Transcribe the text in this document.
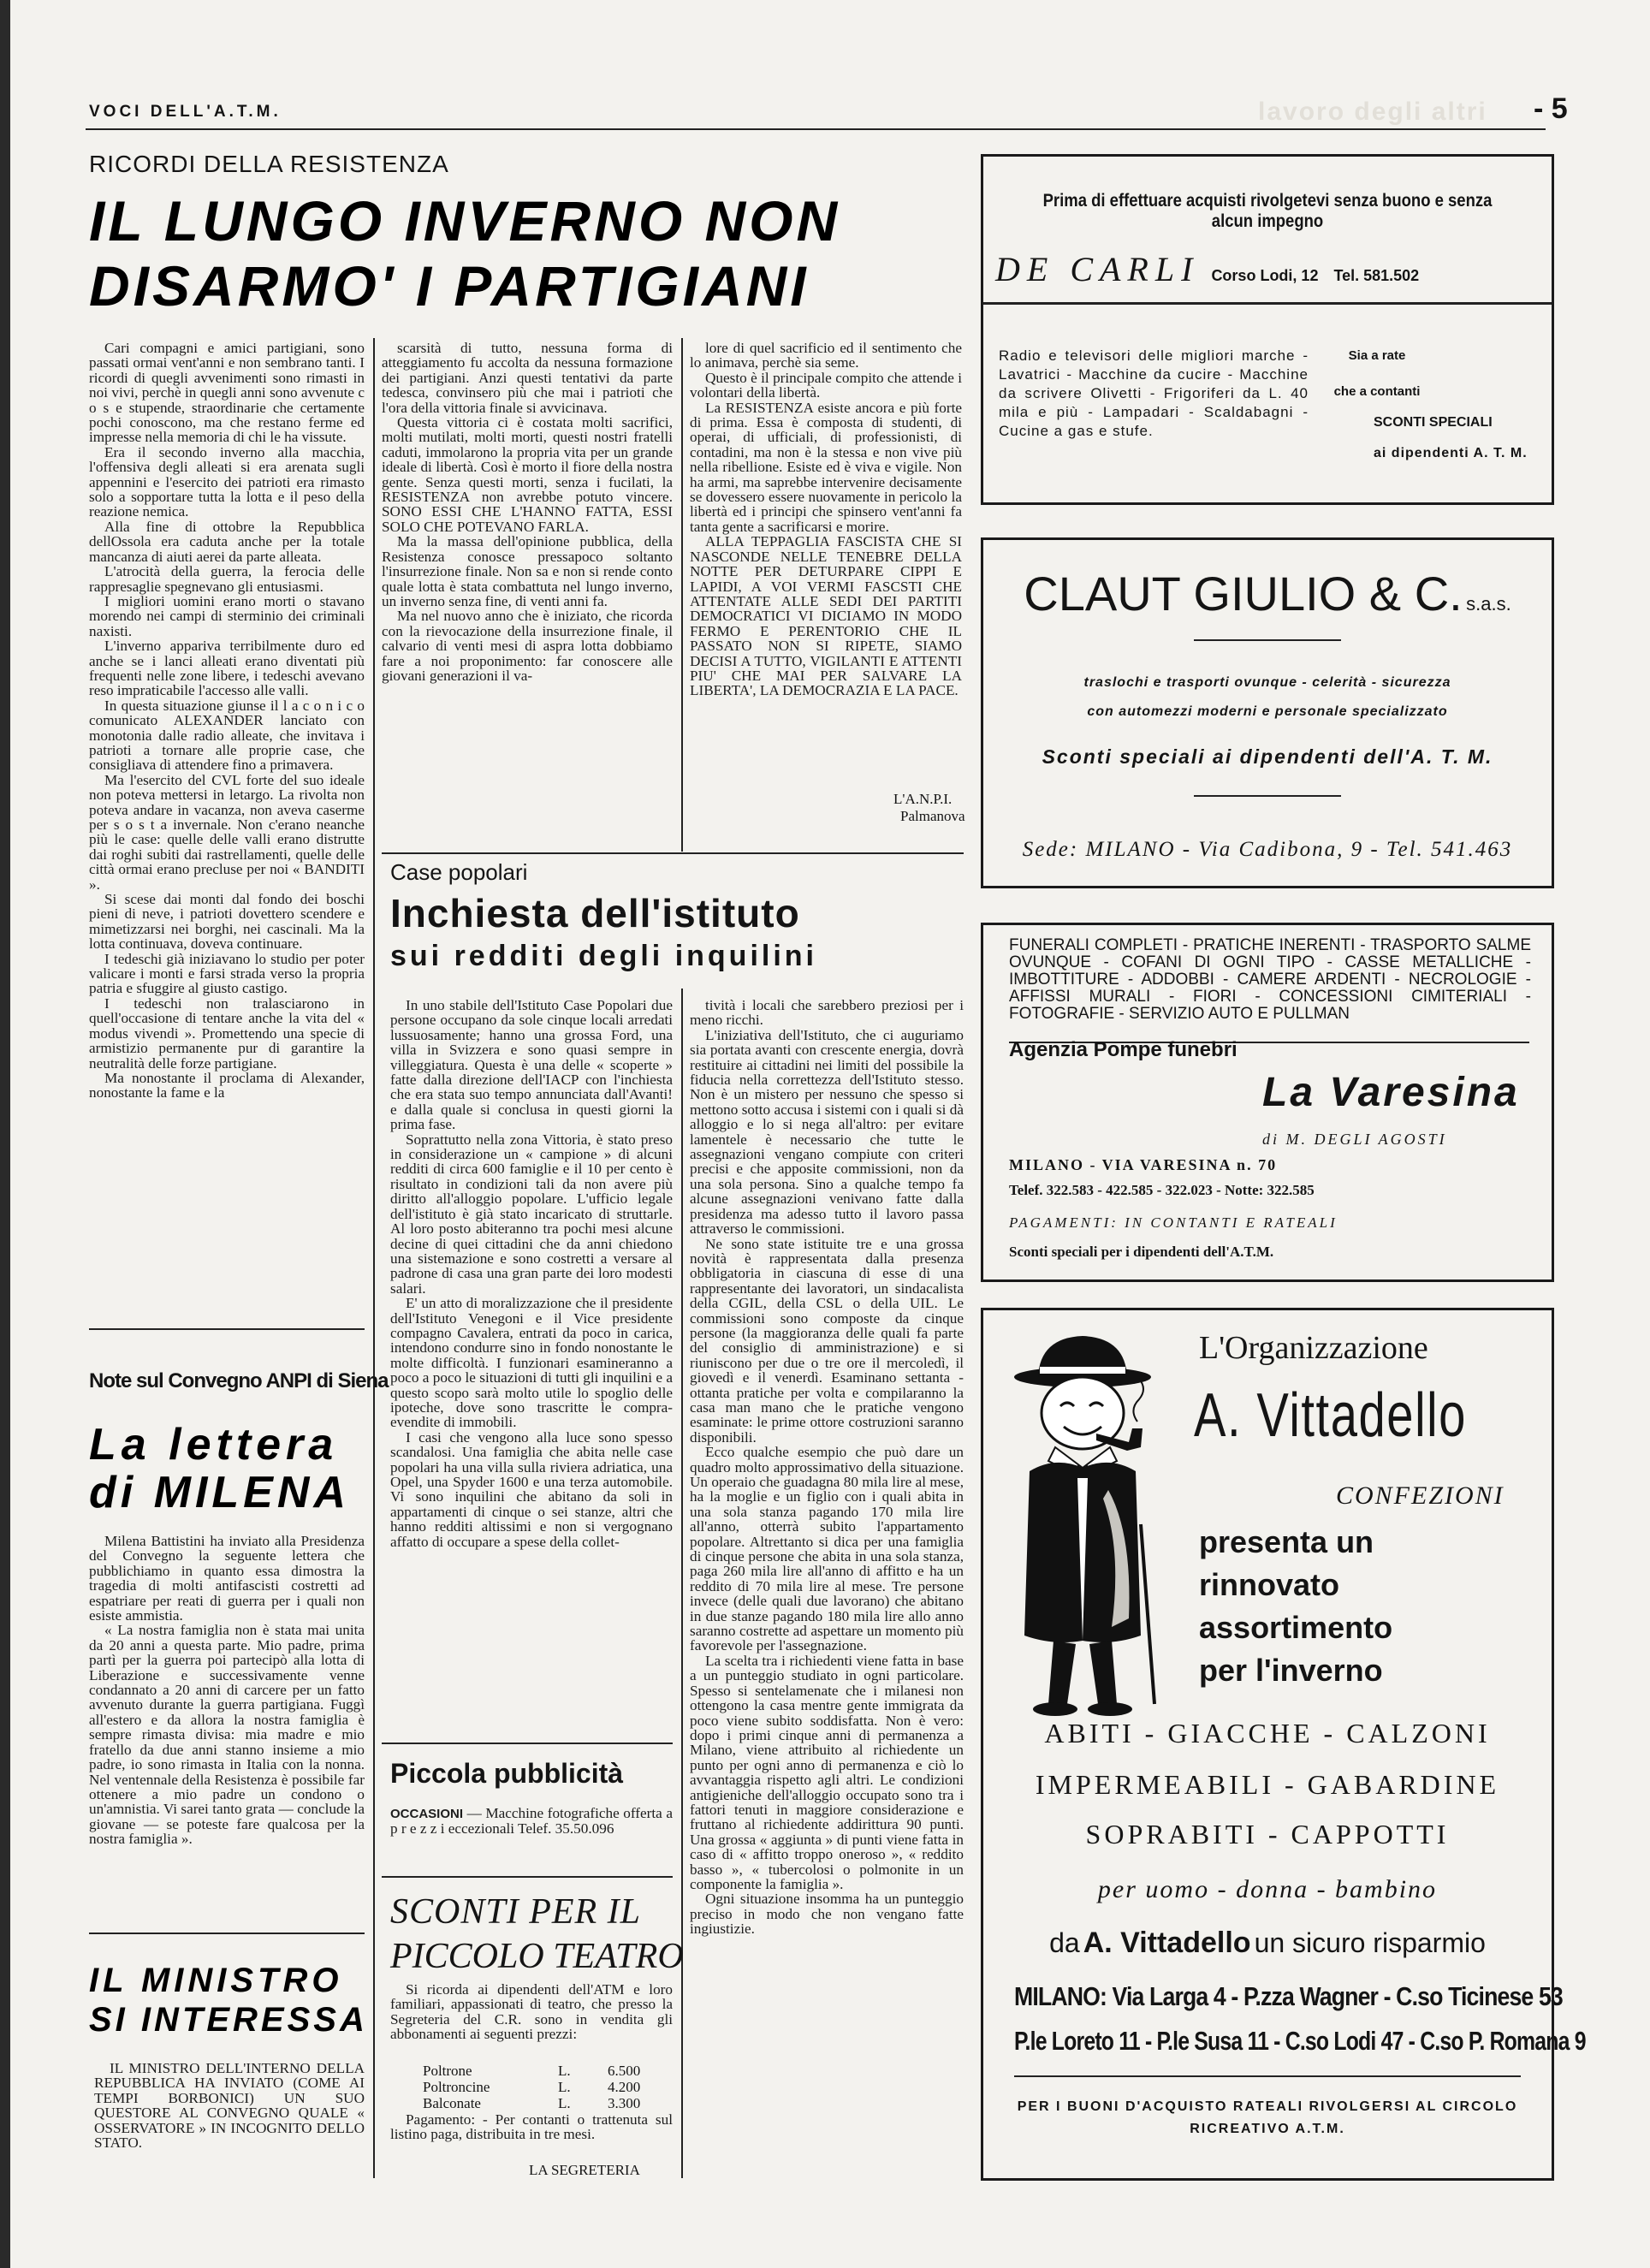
VOCI DELL'A.T.M.	lavoro degli altri - 5
RICORDI DELLA RESISTENZA
IL LUNGO INVERNO NON
DISARMO' I PARTIGIANI

Cari compagni e amici partigiani, sono passati ormai vent'anni e non sembrano tanti. I ricordi di quegli avvenimenti sono rimasti in noi vivi, perchè in quegli anni sono avvenute c o s e stupende, straordinarie che certamente pochi conoscono, ma che restano ferme ed impresse nella memoria di chi le ha vissute.

Era il secondo inverno alla macchia, l'offensiva degli alleati si era arenata sugli appennini e l'esercito dei patrioti era rimasto solo a sopportare tutta la lotta e il peso della reazione nemica.

Alla fine di ottobre la Repubblica dellOssola era caduta anche per la totale mancanza di aiuti aerei da parte alleata.

L'atrocità della guerra, la ferocia delle rappresaglie spegnevano gli entusiasmi.

I migliori uomini erano morti o stavano morendo nei campi di sterminio dei criminali naxisti.

L'inverno appariva terribilmente duro ed anche se i lanci alleati erano diventati più frequenti nelle zone libere, i tedeschi avevano reso impraticabile l'accesso alle valli.

In questa situazione giunse il l a c o n i c o comunicato ALEXANDER lanciato con monotonia dalle radio alleate, che invitava i patrioti a tornare alle proprie case, che consigliava di attendere fino a primavera.

Ma l'esercito del CVL forte del suo ideale non poteva mettersi in letargo. La rivolta non poteva andare in vacanza, non aveva caserme per s o s t a invernale. Non c'erano neanche più le case: quelle delle valli erano distrutte dai roghi subiti dai rastrellamenti, quelle delle città ormai erano precluse per noi « BANDITI ».

Si scese dai monti dal fondo dei boschi pieni di neve, i patrioti dovettero scendere e mimetizzarsi nei borghi, nei cascinali. Ma la lotta continuava, doveva continuare.

I tedeschi già iniziavano lo studio per poter valicare i monti e farsi strada verso la propria patria e sfuggire al giusto castigo.

I tedeschi non tralasciarono in quell'occasione di tentare anche la vita del « modus vivendi ». Promettendo una specie di armistizio permanente pur di garantire la neutralità delle forze partigiane.

Ma nonostante il proclama di Alexander, nonostante la fame e la

Note sul Convegno ANPI di Siena
La lettera
di MILENA

Milena Battistini ha inviato alla Presidenza del Convegno la seguente lettera che pubblichiamo in quanto essa dimostra la tragedia di molti antifascisti costretti ad espatriare per reati di guerra per i quali non esiste ammistia.

« La nostra famiglia non è stata mai unita da 20 anni a questa parte. Mio padre, prima partì per la guerra poi partecipò alla lotta di Liberazione e successivamente venne condannato a 20 anni di carcere per un fatto avvenuto durante la guerra partigiana. Fuggì all'estero e da allora la nostra famiglia è sempre rimasta divisa: mia madre e mio fratello da due anni stanno insieme a mio padre, io sono rimasta in Italia con la nonna. Nel ventennale della Resistenza è possibile far ottenere a mio padre un condono o un'amnistia. Vi sarei tanto grata — conclude la giovane — se poteste fare qualcosa per la nostra famiglia ».

IL MINISTRO
SI INTERESSA
IL MINISTRO DELL'INTERNO DELLA REPUBBLICA HA INVIATO (COME AI TEMPI BORBONICI) UN SUO QUESTORE AL CONVEGNO QUALE « OSSERVATORE » IN INCOGNITO DELLO STATO.

scarsità di tutto, nessuna forma di atteggiamento fu accolta da nessuna formazione dei partigiani. Anzi questi tentativi da parte tedesca, convinsero più che mai i patrioti che l'ora della vittoria finale si avvicinava.

Questa vittoria ci è costata molti sacrifici, molti mutilati, molti morti, questi nostri fratelli caduti, immolarono la propria vita per un grande ideale di libertà. Così è morto il fiore della nostra gente. Senza questi morti, senza i fucilati, la RESISTENZA non avrebbe potuto vincere. SONO ESSI CHE L'HANNO FATTA, ESSI SOLO CHE POTEVANO FARLA.

Ma la massa dell'opinione pubblica, della Resistenza conosce pressapoco soltanto l'insurrezione finale. Non sa e non si rende conto quale lotta è stata combattuta nel lungo inverno, un inverno senza fine, di venti anni fa.

Ma nel nuovo anno che è iniziato, che ricorda con la rievocazione della insurrezione finale, il calvario di venti mesi di aspra lotta dobbiamo fare a noi proponimento: far conoscere alle giovani generazioni il va-

lore di quel sacrificio ed il sentimento che lo animava, perchè sia seme.

Questo è il principale compito che attende i volontari della libertà.

La RESISTENZA esiste ancora e più forte di prima. Essa è composta di studenti, di operai, di ufficiali, di professionisti, di contadini, ma non è la stessa e non vive più nella ribellione. Esiste ed è viva e vigile. Non ha armi, ma saprebbe intervenire decisamente se dovessero essere nuovamente in pericolo la libertà ed i principi che spinsero vent'anni fa tanta gente a sacrificarsi e morire.

ALLA TEPPAGLIA FASCISTA CHE SI NASCONDE NELLE TENEBRE DELLA NOTTE PER DETURPARE CIPPI E LAPIDI, A VOI VERMI FASCSTI CHE ATTENTATE ALLE SEDI DEI PARTITI DEMOCRATICI VI DICIAMO IN MODO FERMO E PERENTORIO CHE IL PASSATO NON SI RIPETE, SIAMO DECISI A TUTTO, VIGILANTI E ATTENTI PIU' CHE MAI PER SALVARE LA LIBERTA', LA DEMOCRAZIA E LA PACE.

L'A.N.P.I.
Palmanova
Case popolari
Inchiesta dell'istituto
sui redditi degli inquilini

In uno stabile dell'Istituto Case Popolari due persone occupano da sole cinque locali arredati lussuosamente; hanno una grossa Ford, una villa in Svizzera e sono quasi sempre in villeggiatura. Questa è una delle « scoperte » fatte dalla direzione dell'IACP con l'inchiesta che era stata suo tempo annunciata dall'Avanti! e dalla quale si conclusa in questi giorni la prima fase.

Soprattutto nella zona Vittoria, è stato preso in considerazione un « campione » di alcuni redditi di circa 600 famiglie e il 10 per cento è risultato in condizioni tali da non avere più diritto all'alloggio popolare. L'ufficio legale dell'istituto è già stato incaricato di struttarle. Al loro posto abiteranno tra pochi mesi alcune decine di quei cittadini che da anni chiedono una sistemazione e sono costretti a versare al padrone di casa una gran parte dei loro modesti salari.

E' un atto di moralizzazione che il presidente dell'Istituto Venegoni e il Vice presidente compagno Cavalera, entrati da poco in carica, intendono condurre sino in fondo nonostante le molte difficoltà. I funzionari esamineranno a poco a poco le situazioni di tutti gli inquilini e a questo scopo sarà molto utile lo spoglio delle ipoteche, dove sono trascritte le compra-evendite di immobili.

I casi che vengono alla luce sono spesso scandalosi. Una famiglia che abita nelle case popolari ha una villa sulla riviera adriatica, una Opel, una Spyder 1600 e una terza automobile. Vi sono inquilini che abitano da soli in appartamenti di cinque o sei stanze, altri che hanno redditi altissimi e non si vergognano affatto di occupare a spese della collet-

tività i locali che sarebbero preziosi per i meno ricchi.

L'iniziativa dell'Istituto, che ci auguriamo sia portata avanti con crescente energia, dovrà restituire ai cittadini nei limiti del possibile la fiducia nella correttezza dell'Istituto stesso. Non è un mistero per nessuno che spesso si mettono sotto accusa i sistemi con i quali si dà alloggio e lo si nega all'altro: per evitare lamentele è necessario che tutte le assegnazioni vengano compiute con criteri precisi e che apposite commissioni, non da una sola persona. Sino a qualche tempo fa alcune assegnazioni venivano fatte dalla presidenza ma adesso tutto il lavoro passa attraverso le commissioni.

Ne sono state istituite tre e una grossa novità è rappresentata dalla presenza obbligatoria in ciascuna di esse di una rappresentante dei lavoratori, un sindacalista della CGIL, della CSL o della UIL. Le commissioni sono composte da cinque persone (la maggioranza delle quali fa parte del consiglio di amministrazione) e si riuniscono per due o tre ore il mercoledì, il giovedì e il venerdì. Esaminano settanta - ottanta pratiche per volta e compilaranno la casa man mano che le pratiche vengono esaminate: le prime ottore costruzioni saranno disponibili.

Ecco qualche esempio che può dare un quadro molto approssimativo della situazione. Un operaio che guadagna 80 mila lire al mese, ha la moglie e un figlio con i quali abita in una sola stanza pagando 170 mila lire all'anno, otterrà subito l'appartamento popolare. Altrettanto si dica per una famiglia di cinque persone che abita in una sola stanza, paga 260 mila lire all'anno di affitto e ha un reddito di 70 mila lire al mese. Tre persone invece (delle quali due lavorano) che abitano in due stanze pagando 180 mila lire allo anno saranno costrette ad aspettare un momento più favorevole per l'assegnazione.

La scelta tra i richiedenti viene fatta in base a un punteggio studiato in ogni particolare. Spesso si sentelamenate che i milanesi non ottengono la casa mentre gente immigrata da poco viene subito soddisfatta. Non è vero: dopo i primi cinque anni di permanenza a Milano, viene attribuito al richiedente un punto per ogni anno di permanenza e ciò lo avvantaggia rispetto agli altri. Le condizioni antigieniche dell'alloggio occupato sono tra i fattori tenuti in maggiore considerazione e fruttano al richiedente addirittura 90 punti. Una grossa « aggiunta » di punti viene fatta in caso di « affitto troppo oneroso », « reddito basso », « tubercolosi o polmonite in un componente la famiglia ».

Ogni situazione insomma ha un punteggio preciso in modo che non vengano fatte ingiustizie.

Piccola pubblicità
OCCASIONI — Macchine fotografiche offerta a p r e z z i eccezionali Telef. 35.50.096
SCONTI PER IL
PICCOLO TEATRO
Si ricorda ai dipendenti dell'ATM e loro familiari, appassionati di teatro, che presso la Segreteria del C.R. sono in vendita gli abbonamenti ai seguenti prezzi:
Poltrone	L.	6.500
Poltroncine	L.	4.200
Balconate	L.	3.300
Pagamento: - Per contanti o trattenuta sul listino paga, distribuita in tre mesi.
LA SEGRETERIA
Prima di effettuare acquisti rivolgetevi senza buono e senza alcun impegno
DE CARLI Corso Lodi, 12 Tel. 581.502
Radio e televisori delle migliori marche - Lavatrici - Macchine da cucire - Macchine da scrivere Olivetti - Frigoriferi da L. 40 mila e più - Lampadari - Scaldabagni - Cucine a gas e stufe.
Sia a rate
che a contanti
SCONTI SPECIALI
ai dipendenti A. T. M.
CLAUT GIULIO & C. s.a.s.
traslochi e trasporti ovunque - celerità - sicurezza
con automezzi moderni e personale specializzato
Sconti speciali ai dipendenti dell'A. T. M.
Sede: MILANO - Via Cadibona, 9 - Tel. 541.463
FUNERALI COMPLETI - PRATICHE INERENTI - TRASPORTO SALME OVUNQUE - COFANI DI OGNI TIPO - CASSE METALLICHE - IMBOTTITURE - ADDOBBI - CAMERE ARDENTI - NECROLOGIE - AFFISSI MURALI - FIORI - CONCESSIONI CIMITERIALI - FOTOGRAFIE - SERVIZIO AUTO E PULLMAN
Agenzia Pompe funebri
La Varesina
di M. DEGLI AGOSTI
MILANO - VIA VARESINA n. 70
Telef. 322.583 - 422.585 - 322.023 - Notte: 322.585
PAGAMENTI: IN CONTANTI E RATEALI
Sconti speciali per i dipendenti dell'A.T.M.
L'Organizzazione
A. Vittadello
CONFEZIONI
presenta un
rinnovato
assortimento
per l'inverno
ABITI - GIACCHE - CALZONI
IMPERMEABILI - GABARDINE
SOPRABITI - CAPPOTTI
per uomo - donna - bambino
da A. Vittadello un sicuro risparmio
MILANO: Via Larga 4 - P.zza Wagner - C.so Ticinese 53
P.le Loreto 11 - P.le Susa 11 - C.so Lodi 47 - C.so P. Romana 9
PER I BUONI D'ACQUISTO RATEALI RIVOLGERSI AL CIRCOLO RICREATIVO A.T.M.
